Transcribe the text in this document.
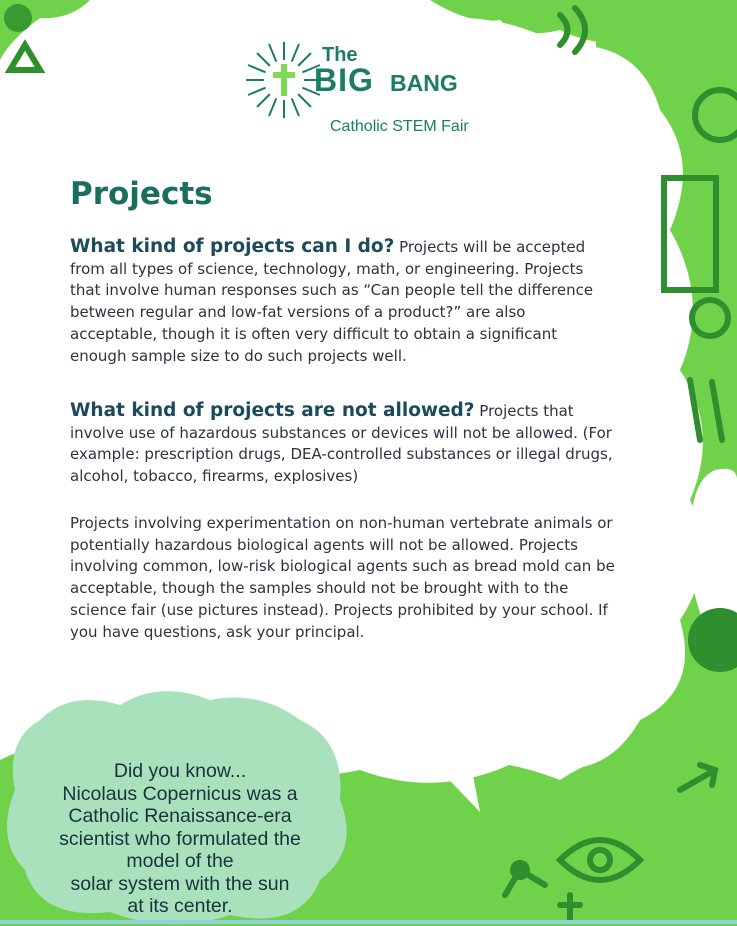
The
BIG BANG
Catholic STEM Fair
Projects

What kind of projects can I do? Projects will be accepted from all types of science, technology, math, or engineering. Projects that involve human responses such as “Can people tell the difference between regular and low-fat versions of a product?” are also acceptable, though it is often very difficult to obtain a significant enough sample size to do such projects well.

What kind of projects are not allowed? Projects that involve use of hazardous substances or devices will not be allowed. (For example: prescription drugs, DEA-controlled substances or illegal drugs, alcohol, tobacco, firearms, explosives)

Projects involving experimentation on non-human vertebrate animals or potentially hazardous biological agents will not be allowed. Projects involving common, low-risk biological agents such as bread mold can be acceptable, though the samples should not be brought with to the science fair (use pictures instead). Projects prohibited by your school. If you have questions, ask your principal.

Did you know...
Nicolaus Copernicus was a
Catholic Renaissance-era
scientist who formulated the
model of the
solar system with the sun
at its center.
